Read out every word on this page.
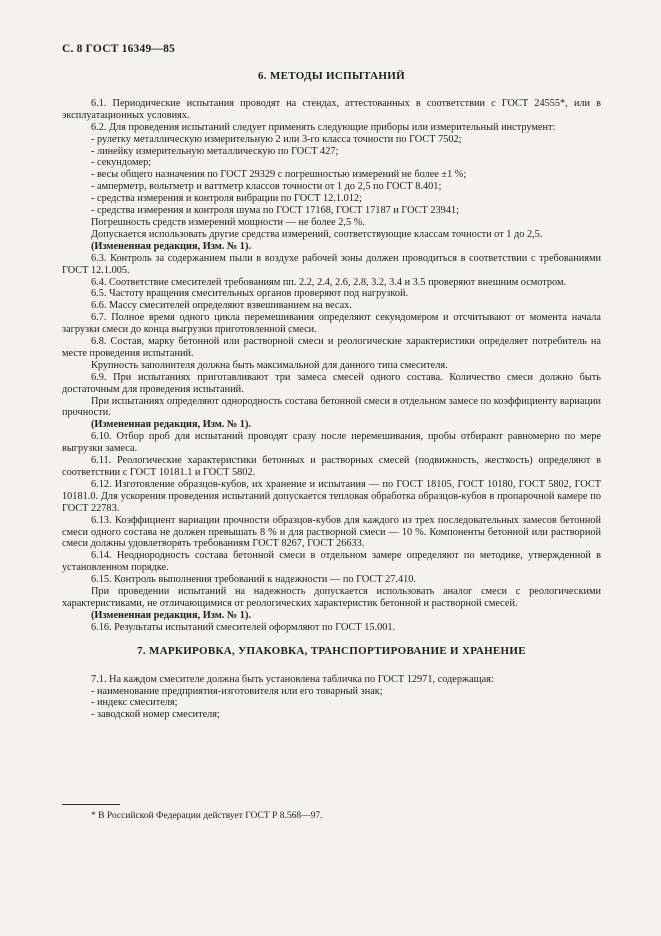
С. 8 ГОСТ 16349—85
6. МЕТОДЫ ИСПЫТАНИЙ
6.1. Периодические испытания проводят на стендах, аттестованных в соответствии с ГОСТ 24555*, или в эксплуатационных условиях.
6.2. Для проведения испытаний следует применять следующие приборы или измерительный инструмент:
- рулетку металлическую измерительную 2 или 3-го класса точности по ГОСТ 7502;
- линейку измерительную металлическую по ГОСТ 427;
- секундомер;
- весы общего назначения по ГОСТ 29329 с погрешностью измерений не более ±1 %;
- амперметр, вольтметр и ваттметр классов точности от 1 до 2,5 по ГОСТ 8.401;
- средства измерения и контроля вибрации по ГОСТ 12.1.012;
- средства измерения и контроля шума по ГОСТ 17168, ГОСТ 17187 и ГОСТ 23941;
Погрешность средств измерений мощности — не более 2,5 %.
Допускается использовать другие средства измерений, соответствующие классам точности от 1 до 2,5.
(Измененная редакция, Изм. № 1).
6.3. Контроль за содержанием пыли в воздухе рабочей зоны должен проводиться в соответствии с требованиями ГОСТ 12.1.005.
6.4. Соответствие смесителей требованиям пп. 2.2, 2.4, 2.6, 2.8, 3.2, 3.4 и 3.5 проверяют внешним осмотром.
6.5. Частоту вращения смесительных органов проверяют под нагрузкой.
6.6. Массу смесителей определяют взвешиванием на весах.
6.7. Полное время одного цикла перемешивания определяют секундомером и отсчитывают от момента начала загрузки смеси до конца выгрузки приготовленной смеси.
6.8. Состав, марку бетонной или растворной смеси и реологические характеристики определяет потребитель на месте проведения испытаний.
Крупность заполнителя должна быть максимальной для данного типа смесителя.
6.9. При испытаниях приготавливают три замеса смесей одного состава. Количество смеси должно быть достаточным для проведения испытаний.
При испытаниях определяют однородность состава бетонной смеси в отдельном замесе по коэффициенту вариации прочности.
(Измененная редакция, Изм. № 1).
6.10. Отбор проб для испытаний проводят сразу после перемешивания, пробы отбирают равномерно по мере выгрузки замеса.
6.11. Реологические характеристики бетонных и растворных смесей (подвижность, жесткость) определяют в соответствии с ГОСТ 10181.1 и ГОСТ 5802.
6.12. Изготовление образцов-кубов, их хранение и испытания — по ГОСТ 18105, ГОСТ 10180, ГОСТ 5802, ГОСТ 10181.0. Для ускорения проведения испытаний допускается тепловая обработка образцов-кубов в пропарочной камере по ГОСТ 22783.
6.13. Коэффициент вариации прочности образцов-кубов для каждого из трех последовательных замесов бетонной смеси одного состава не должен превышать 8 % и для растворной смеси — 10 %. Компоненты бетонной или растворной смеси должны удовлетворять требованиям ГОСТ 8267, ГОСТ 26633.
6.14. Неоднородность состава бетонной смеси в отдельном замере определяют по методике, утвержденной в установленном порядке.
6.15. Контроль выполнения требований к надежности — по ГОСТ 27.410.
При проведении испытаний на надежность допускается использовать аналог смеси с реологическими характеристиками, не отличающимися от реологических характеристик бетонной и растворной смесей.
(Измененная редакция, Изм. № 1).
6.16. Результаты испытаний смесителей оформляют по ГОСТ 15.001.
7. МАРКИРОВКА, УПАКОВКА, ТРАНСПОРТИРОВАНИЕ И ХРАНЕНИЕ
7.1. На каждом смесителе должна быть установлена табличка по ГОСТ 12971, содержащая:
- наименование предприятия-изготовителя или его товарный знак;
- индекс смесителя;
- заводской номер смесителя;
* В Российской Федерации действует ГОСТ Р 8.568—97.
